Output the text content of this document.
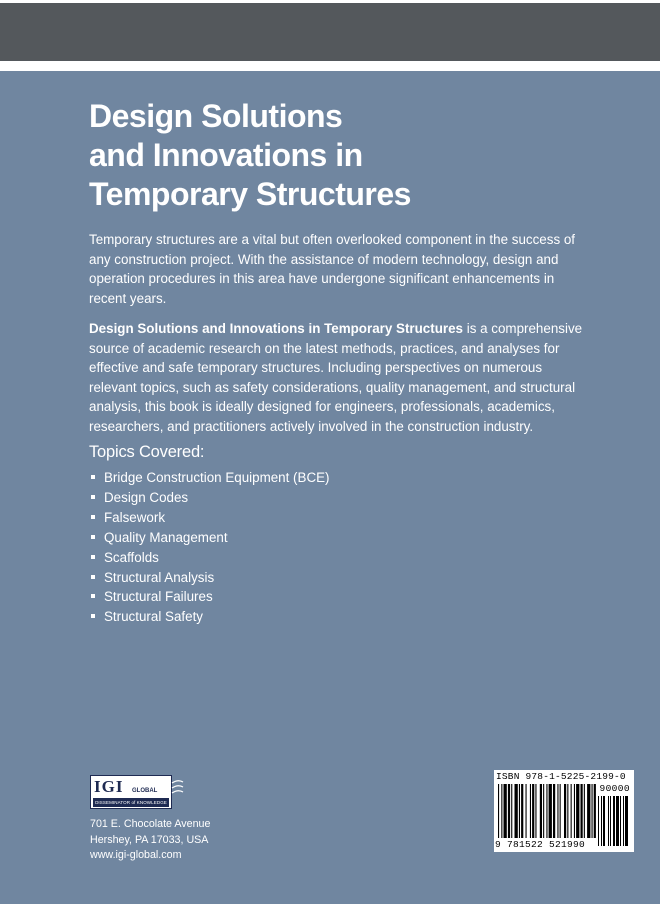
Design Solutions
and Innovations in
Temporary Structures

Temporary structures are a vital but often overlooked component in the success of any construction project. With the assistance of modern technology, design and operation procedures in this area have undergone significant enhancements in recent years.

Design Solutions and Innovations in Temporary Structures is a comprehensive source of academic research on the latest methods, practices, and analyses for effective and safe temporary structures. Including perspectives on numerous relevant topics, such as safety considerations, quality management, and structural analysis, this book is ideally designed for engineers, professionals, academics, researchers, and practitioners actively involved in the construction industry.

Topics Covered:
Bridge Construction Equipment (BCE)
Design Codes
Falsework
Quality Management
Scaffolds
Structural Analysis
Structural Failures
Structural Safety
IGI GLOBAL
DISSEMINATOR of KNOWLEDGE

701 E. Chocolate Avenue
Hershey, PA 17033, USA
www.igi-global.com

ISBN 978-1-5225-2199-0
90000
9 781522 521990
